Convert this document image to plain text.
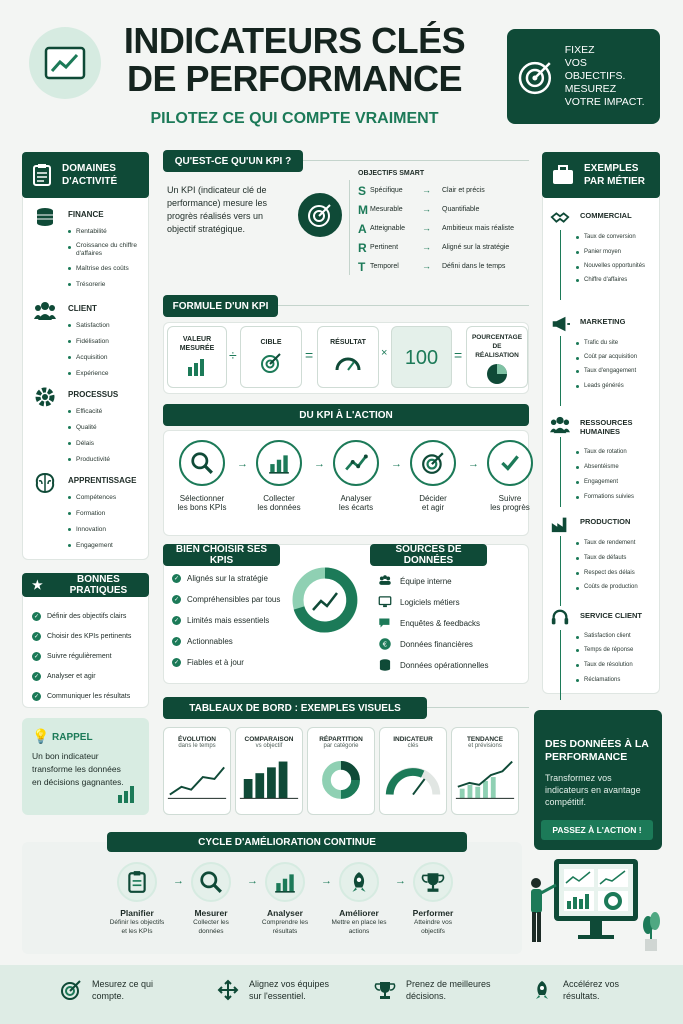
INDICATEURS CLÉS
DE PERFORMANCE
PILOTEZ CE QUI COMPTE VRAIMENT
FIXEZ
VOS OBJECTIFS.
MESUREZ
VOTRE IMPACT.
DOMAINES
D'ACTIVITÉ
FINANCE
Rentabilité
Croissance du chiffre d'affaires
Maîtrise des coûts
Trésorerie
CLIENT
Satisfaction
Fidélisation
Acquisition
Expérience
PROCESSUS
Efficacité
Qualité
Délais
Productivité
APPRENTISSAGE
Compétences
Formation
Innovation
Engagement
QU'EST-CE QU'UN KPI ?
Un KPI (indicateur clé de performance) mesure les progrès réalisés vers un objectif stratégique.
OBJECTIFS SMART
S Spécifique → Clair et précis
M Mesurable → Quantifiable
A Atteignable → Ambitieux mais réaliste
R Pertinent	→ Aligné sur la stratégie
T Temporel	→ Défini dans le temps
FORMULE D'UN KPI
VALEUR MESURÉE	÷
CIBLE
=
RÉSULTAT
× 100	=
POURCENTAGE DE RÉALISATION
DU KPI À L'ACTION
Sélectionner
les bons KPIs
→
Collecter
les données
→
Analyser
les écarts
→
Décider
et agir
→
Suivre
les progrès
★	BONNES PRATIQUES
✓ Définir des objectifs clairs
✓ Choisir des KPIs pertinents
✓ Suivre régulièrement
✓ Analyser et agir
✓ Communiquer les résultats
BIEN CHOISIR SES KPIS
SOURCES DE DONNÉES
✓ Alignés sur la stratégie
✓ Compréhensibles par tous
✓ Limités mais essentiels
✓ Actionnables
✓ Fiables et à jour
Équipe interne
Logiciels métiers
Enquêtes & feedbacks
€ Données financières
Données opérationnelles
💡 RAPPEL
Un bon indicateur transforme les données en décisions gagnantes.
TABLEAUX DE BORD : EXEMPLES VISUELS
ÉVOLUTION
dans le temps
COMPARAISON
vs objectif
RÉPARTITION
par catégorie
INDICATEUR
clés
TENDANCE
et prévisions
EXEMPLES
PAR MÉTIER
COMMERCIAL
Taux de conversion
Panier moyen
Nouvelles opportunités
Chiffre d'affaires
MARKETING
Trafic du site
Coût par acquisition
Taux d'engagement
Leads générés
RESSOURCES HUMAINES
Taux de rotation
Absentéisme
Engagement
Formations suivies
PRODUCTION
Taux de rendement
Taux de défauts
Respect des délais
Coûts de production
SERVICE CLIENT
Satisfaction client
Temps de réponse
Taux de résolution
Réclamations
DES DONNÉES À LA PERFORMANCE
Transformez vos indicateurs en avantage compétitif.
PASSEZ À L'ACTION !
CYCLE D'AMÉLIORATION CONTINUE
Planifier
Définir les objectifs et les KPIs
→
Mesurer
Collecter les données
→
Analyser
Comprendre les résultats
→
Améliorer
Mettre en place les actions
→
Performer
Atteindre vos objectifs
Mesurez ce qui compte.
Alignez vos équipes sur l'essentiel.
Prenez de meilleures décisions.
Accélérez vos résultats.
